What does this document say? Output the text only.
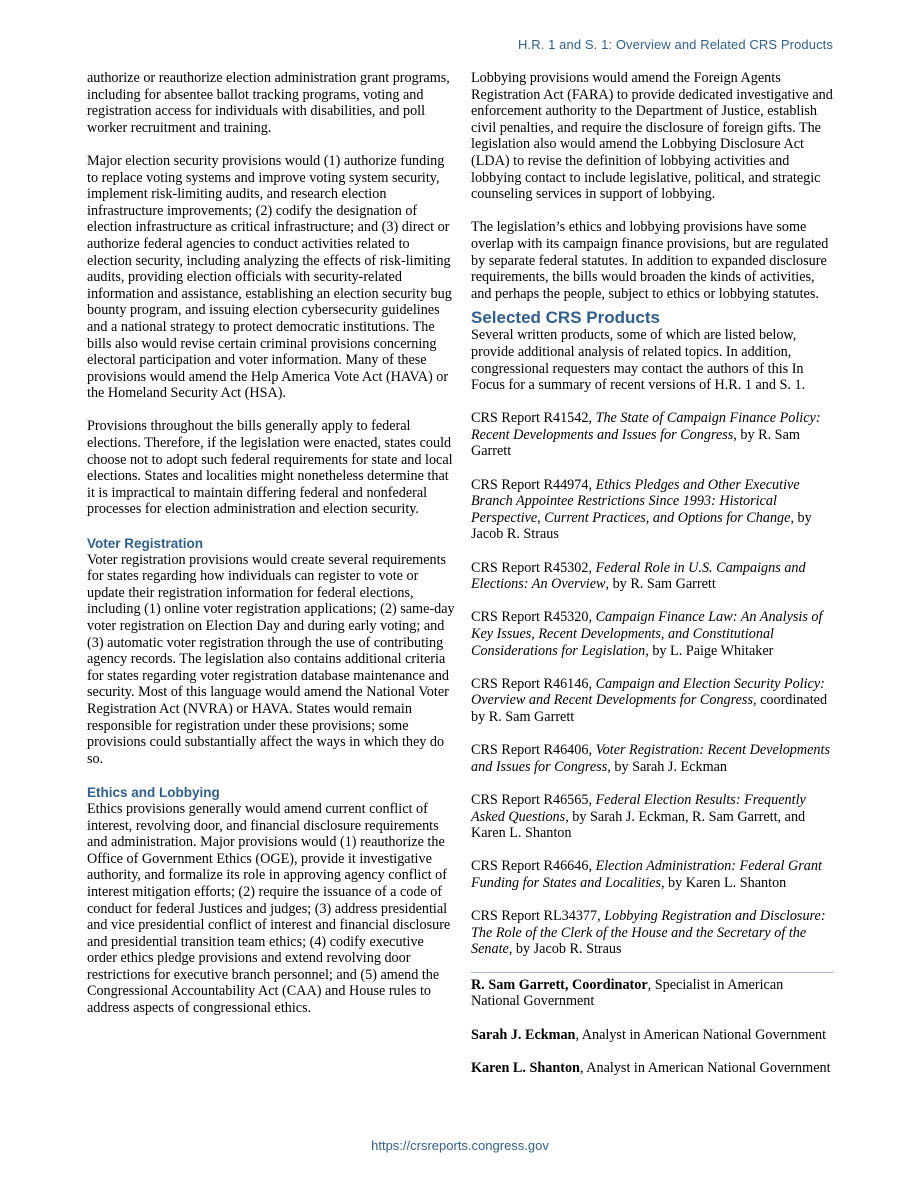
H.R. 1 and S. 1: Overview and Related CRS Products

authorize or reauthorize election administration grant programs, including for absentee ballot tracking programs, voting and registration access for individuals with disabilities, and poll worker recruitment and training.

Major election security provisions would (1) authorize funding to replace voting systems and improve voting system security, implement risk-limiting audits, and research election infrastructure improvements; (2) codify the designation of election infrastructure as critical infrastructure; and (3) direct or authorize federal agencies to conduct activities related to election security, including analyzing the effects of risk-limiting audits, providing election officials with security-related information and assistance, establishing an election security bug bounty program, and issuing election cybersecurity guidelines and a national strategy to protect democratic institutions. The bills also would revise certain criminal provisions concerning electoral participation and voter information. Many of these provisions would amend the Help America Vote Act (HAVA) or the Homeland Security Act (HSA).

Provisions throughout the bills generally apply to federal elections. Therefore, if the legislation were enacted, states could choose not to adopt such federal requirements for state and local elections. States and localities might nonetheless determine that it is impractical to maintain differing federal and nonfederal processes for election administration and election security.

Voter Registration

Voter registration provisions would create several requirements for states regarding how individuals can register to vote or update their registration information for federal elections, including (1) online voter registration applications; (2) same-day voter registration on Election Day and during early voting; and (3) automatic voter registration through the use of contributing agency records. The legislation also contains additional criteria for states regarding voter registration database maintenance and security. Most of this language would amend the National Voter Registration Act (NVRA) or HAVA. States would remain responsible for registration under these provisions; some provisions could substantially affect the ways in which they do so.

Ethics and Lobbying

Ethics provisions generally would amend current conflict of interest, revolving door, and financial disclosure requirements and administration. Major provisions would (1) reauthorize the Office of Government Ethics (OGE), provide it investigative authority, and formalize its role in approving agency conflict of interest mitigation efforts; (2) require the issuance of a code of conduct for federal Justices and judges; (3) address presidential and vice presidential conflict of interest and financial disclosure and presidential transition team ethics; (4) codify executive order ethics pledge provisions and extend revolving door restrictions for executive branch personnel; and (5) amend the Congressional Accountability Act (CAA) and House rules to address aspects of congressional ethics.

Lobbying provisions would amend the Foreign Agents Registration Act (FARA) to provide dedicated investigative and enforcement authority to the Department of Justice, establish civil penalties, and require the disclosure of foreign gifts. The legislation also would amend the Lobbying Disclosure Act (LDA) to revise the definition of lobbying activities and lobbying contact to include legislative, political, and strategic counseling services in support of lobbying.

The legislation’s ethics and lobbying provisions have some overlap with its campaign finance provisions, but are regulated by separate federal statutes. In addition to expanded disclosure requirements, the bills would broaden the kinds of activities, and perhaps the people, subject to ethics or lobbying statutes.

Selected CRS Products

Several written products, some of which are listed below, provide additional analysis of related topics. In addition, congressional requesters may contact the authors of this In Focus for a summary of recent versions of H.R. 1 and S. 1.

CRS Report R41542, The State of Campaign Finance Policy: Recent Developments and Issues for Congress, by R. Sam Garrett

CRS Report R44974, Ethics Pledges and Other Executive Branch Appointee Restrictions Since 1993: Historical Perspective, Current Practices, and Options for Change, by Jacob R. Straus

CRS Report R45302, Federal Role in U.S. Campaigns and Elections: An Overview, by R. Sam Garrett

CRS Report R45320, Campaign Finance Law: An Analysis of Key Issues, Recent Developments, and Constitutional Considerations for Legislation, by L. Paige Whitaker

CRS Report R46146, Campaign and Election Security Policy: Overview and Recent Developments for Congress, coordinated by R. Sam Garrett

CRS Report R46406, Voter Registration: Recent Developments and Issues for Congress, by Sarah J. Eckman

CRS Report R46565, Federal Election Results: Frequently Asked Questions, by Sarah J. Eckman, R. Sam Garrett, and Karen L. Shanton

CRS Report R46646, Election Administration: Federal Grant Funding for States and Localities, by Karen L. Shanton

CRS Report RL34377, Lobbying Registration and Disclosure: The Role of the Clerk of the House and the Secretary of the Senate, by Jacob R. Straus

R. Sam Garrett, Coordinator, Specialist in American National Government

Sarah J. Eckman, Analyst in American National Government

Karen L. Shanton, Analyst in American National Government

https://crsreports.congress.gov
